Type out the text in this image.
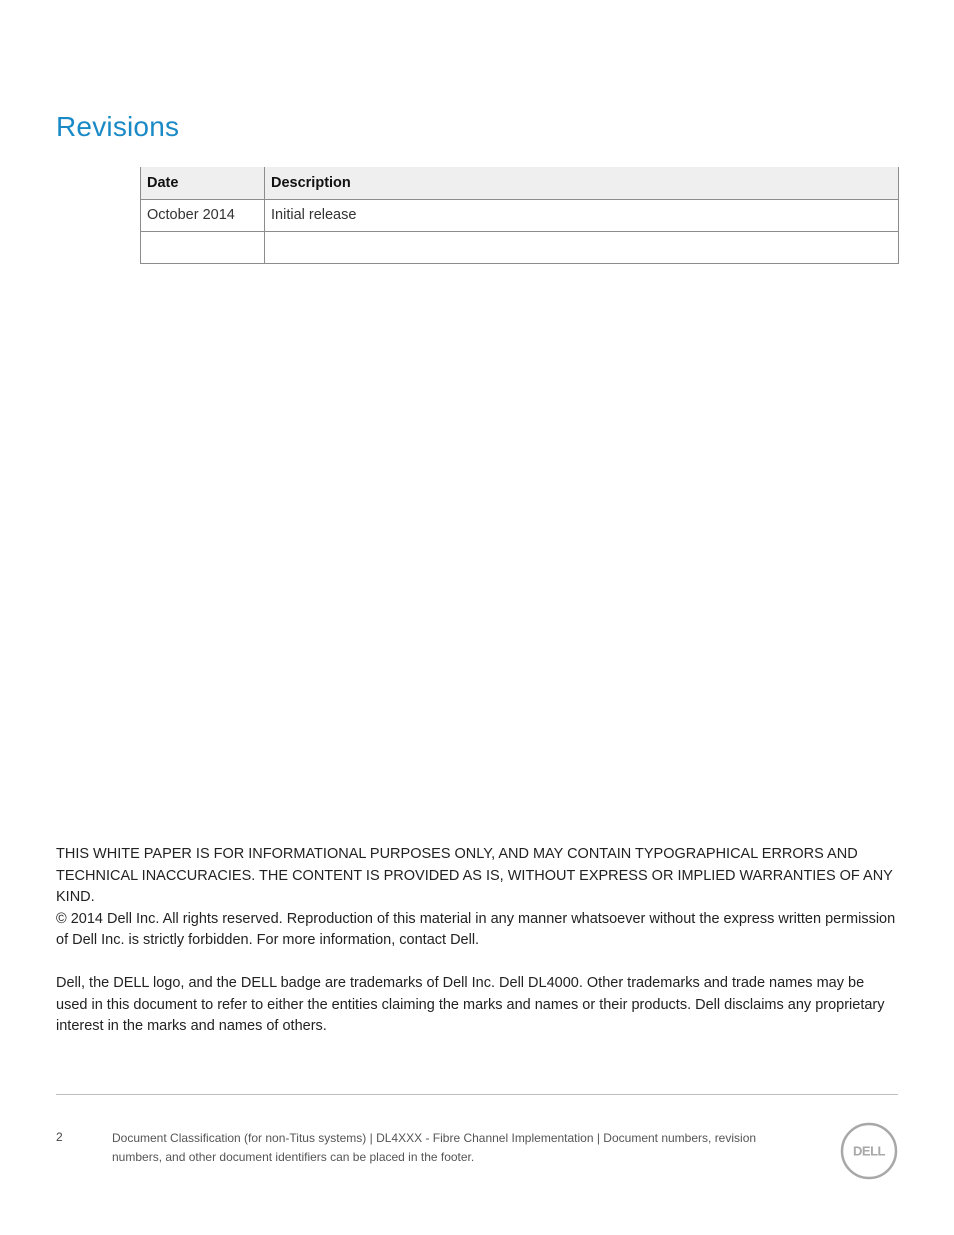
Revisions
Date	Description
October 2014	Initial release

THIS WHITE PAPER IS FOR INFORMATIONAL PURPOSES ONLY, AND MAY CONTAIN TYPOGRAPHICAL ERRORS AND TECHNICAL INACCURACIES. THE CONTENT IS PROVIDED AS IS, WITHOUT EXPRESS OR IMPLIED WARRANTIES OF ANY KIND.

© 2014 Dell Inc. All rights reserved. Reproduction of this material in any manner whatsoever without the express written permission of Dell Inc. is strictly forbidden. For more information, contact Dell.

Dell, the DELL logo, and the DELL badge are trademarks of Dell Inc. Dell DL4000. Other trademarks and trade names may be used in this document to refer to either the entities claiming the marks and names or their products. Dell disclaims any proprietary interest in the marks and names of others.

2	Document Classification (for non-Titus systems) | DL4XXX - Fibre Channel Implementation | Document numbers, revision numbers, and other document identifiers can be placed in the footer.	DELL
